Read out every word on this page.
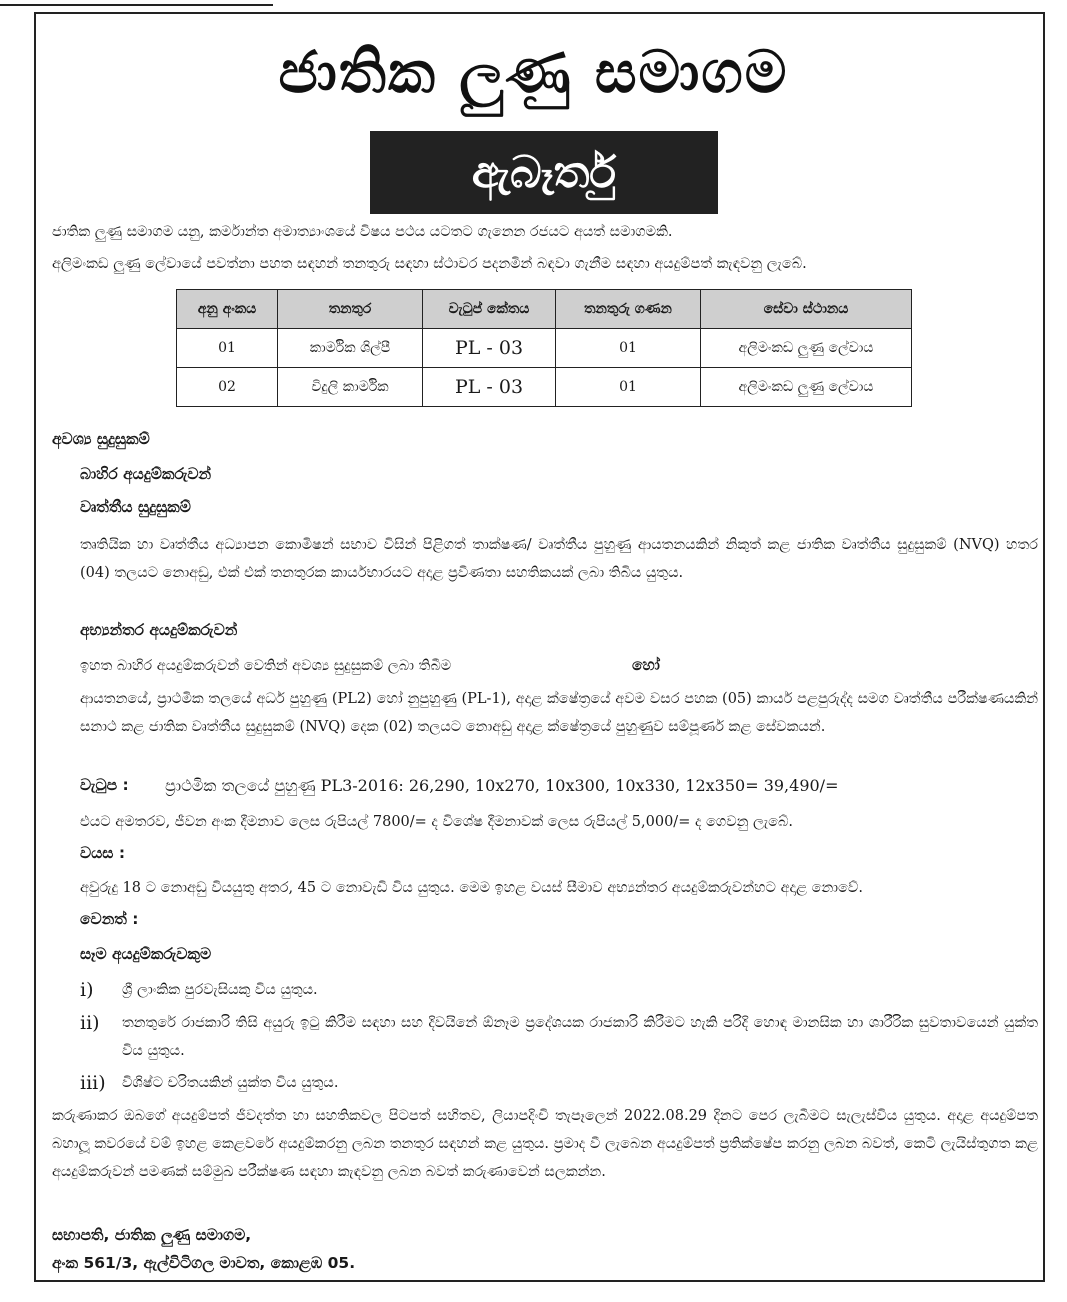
ජාතික ලුණු සමාගම
ඇබෑර්තු
ජාතික ලුණු සමාගම යනු, කර්මාන්ත අමාත්‍යාංශයේ විෂය පථය යටතට ගැනෙන රජයට අයත් සමාගමකි.
අලිමංකඩ ලුණු ලේවායේ පවත්නා පහත සඳහන් තනතුරු සඳහා ස්ථාවර පදනමින් බඳවා ගැනීම සඳහා අයදුම්පත් කැඳවනු ලැබේ.
අනු අංකය	තනතුර	වැටුප් කේතය	තනතුරු ගණන	සේවා ස්ථානය
01	කාර්මික ශිල්පී	PL - 03	01	අලිමංකඩ ලුණු ලේවාය
02	විදුලි කාර්මික	PL - 03	01	අලිමංකඩ ලුණු ලේවාය
අවශ්‍ය සුදුසුකම්
බාහිර අයදුම්කරුවන්
වෘත්තීය සුදුසුකම්
තෘතියික හා වෘත්තීය අධ්‍යාපන කොමිෂන් සභාව විසින් පිළිගත් තාක්ෂණ/ වෘත්තීය පුහුණු ආයතනයකින් නිකුත් කළ ජාතික වෘත්තීය සුදුසුකම් (NVQ) හතර (04) තලයට නොඅඩු, එක් එක් තනතුරක කාර්යභාරයට අදාළ ප්‍රවීණතා සහතිකයක් ලබා තිබිය යුතුය.
අභ්‍යන්තර අයදුම්කරුවන්
ඉහත බාහිර අයදුම්කරුවන් වෙතින් අවශ්‍ය සුදුසුකම් ලබා තිබීම	හෝ
ආයතනයේ, ප්‍රාථමික තලයේ අර්ධ පුහුණු (PL2) හෝ නුපුහුණු (PL-1), අදාළ ක්ෂේත්‍රයේ අවම වසර පහක (05) කාර්ය පළපුරුද්ද සමග වෘත්තීය පරීක්ෂණයකින් සනාථ කළ ජාතික වෘත්තීය සුදුසුකම් (NVQ) දෙක (02) තලයට නොඅඩු අදාළ ක්ෂේත්‍රයේ පුහුණුව සම්පූර්ණ කළ සේවකයන්.
වැටුප : ප්‍රාථමික තලයේ පුහුණු PL3-2016: 26,290, 10x270, 10x300, 10x330, 12x350= 39,490/=
එයට අමතරව, ජීවන අංක දීමනාව ලෙස රුපියල් 7800/= ද විශේෂ දීමනාවක් ලෙස රුපියල් 5,000/= ද ගෙවනු ලැබේ.
වයස :
අවුරුදු 18 ට නොඅඩු වියයුතු අතර, 45 ට නොවැඩි විය යුතුය. මෙම ඉහළ වයස් සීමාව අභ්‍යන්තර අයදුම්කරුවන්හට අදාළ නොවේ.
වෙනත් :
සෑම අයදුම්කරුවකුම
i) ශ්‍රී ලාංකික පුරවැසියකු විය යුතුය.
ii) තනතුරේ රාජකාරි තිසි අයුරු ඉටු කිරීම සඳහා සහ දිවයිනේ ඕනෑම ප්‍රදේශයක රාජකාරි කිරීමට හැකි පරිදි හොඳ මානසික හා ශාරීරික සුවතාවයෙන් යුක්ත විය යුතුය.
iii) විශිෂ්ට චරිතයකින් යුක්ත විය යුතුය.
කරුණාකර ඔබගේ අයදුම්පත් ජීවදත්ත හා සහතිකවල පිටපත් සහිතව, ලියාපදිංචි තැපෑලෙන් 2022.08.29 දිනට පෙර ලැබීමට සැලැස්විය යුතුය. අදාළ අයදුම්පත බහාලූ කවරයේ වම් ඉහළ කෙළවරේ අයදුම්කරනු ලබන තනතුර සඳහන් කළ යුතුය. ප්‍රමාද වී ලැබෙන අයදුම්පත් ප්‍රතික්ෂේප කරනු ලබන බවත්, කෙටි ලැයිස්තුගත කළ අයදුම්කරුවන් පමණක් සම්මුඛ පරීක්ෂණ සඳහා කැඳවනු ලබන බවත් කරුණාවෙන් සලකන්න.
සභාපති, ජාතික ලුණු සමාගම,
අංක 561/3, ඇල්විටිගල මාවත, කොළඹ 05.
